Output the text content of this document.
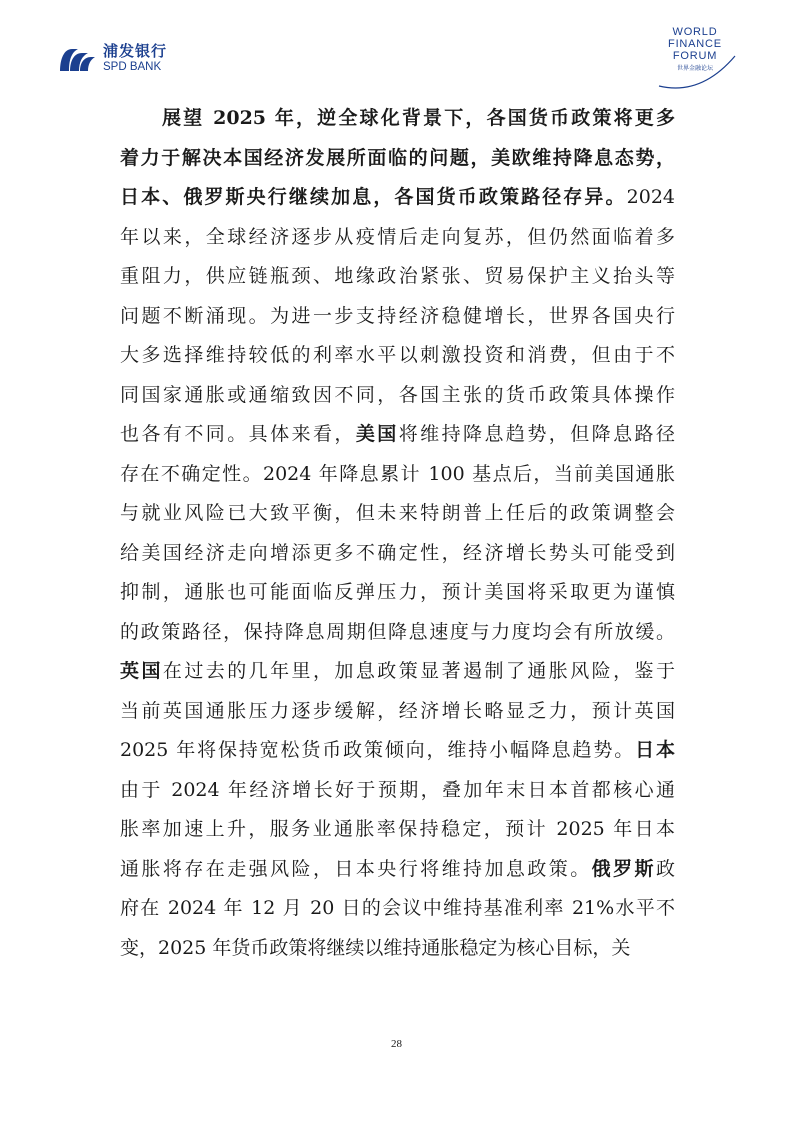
浦发银行
SPD BANK
WORLD
FINANCE
FORUM
世界金融论坛
展望 2025 年，逆全球化背景下，各国货币政策将更多
着力于解决本国经济发展所面临的问题，美欧维持降息态势，
日本、俄罗斯央行继续加息，各国货币政策路径存异。2024
年以来，全球经济逐步从疫情后走向复苏，但仍然面临着多
重阻力，供应链瓶颈、地缘政治紧张、贸易保护主义抬头等
问题不断涌现。为进一步支持经济稳健增长，世界各国央行
大多选择维持较低的利率水平以刺激投资和消费，但由于不
同国家通胀或通缩致因不同，各国主张的货币政策具体操作
也各有不同。具体来看，美国将维持降息趋势，但降息路径
存在不确定性。2024 年降息累计 100 基点后，当前美国通胀
与就业风险已大致平衡，但未来特朗普上任后的政策调整会
给美国经济走向增添更多不确定性，经济增长势头可能受到
抑制，通胀也可能面临反弹压力，预计美国将采取更为谨慎
的政策路径，保持降息周期但降息速度与力度均会有所放缓。
英国在过去的几年里，加息政策显著遏制了通胀风险，鉴于
当前英国通胀压力逐步缓解，经济增长略显乏力，预计英国
2025 年将保持宽松货币政策倾向，维持小幅降息趋势。日本
由于 2024 年经济增长好于预期，叠加年末日本首都核心通
胀率加速上升，服务业通胀率保持稳定，预计 2025 年日本
通胀将存在走强风险，日本央行将维持加息政策。俄罗斯政
府在 2024 年 12 月 20 日的会议中维持基准利率 21%水平不
变，2025 年货币政策将继续以维持通胀稳定为核心目标，关
28
